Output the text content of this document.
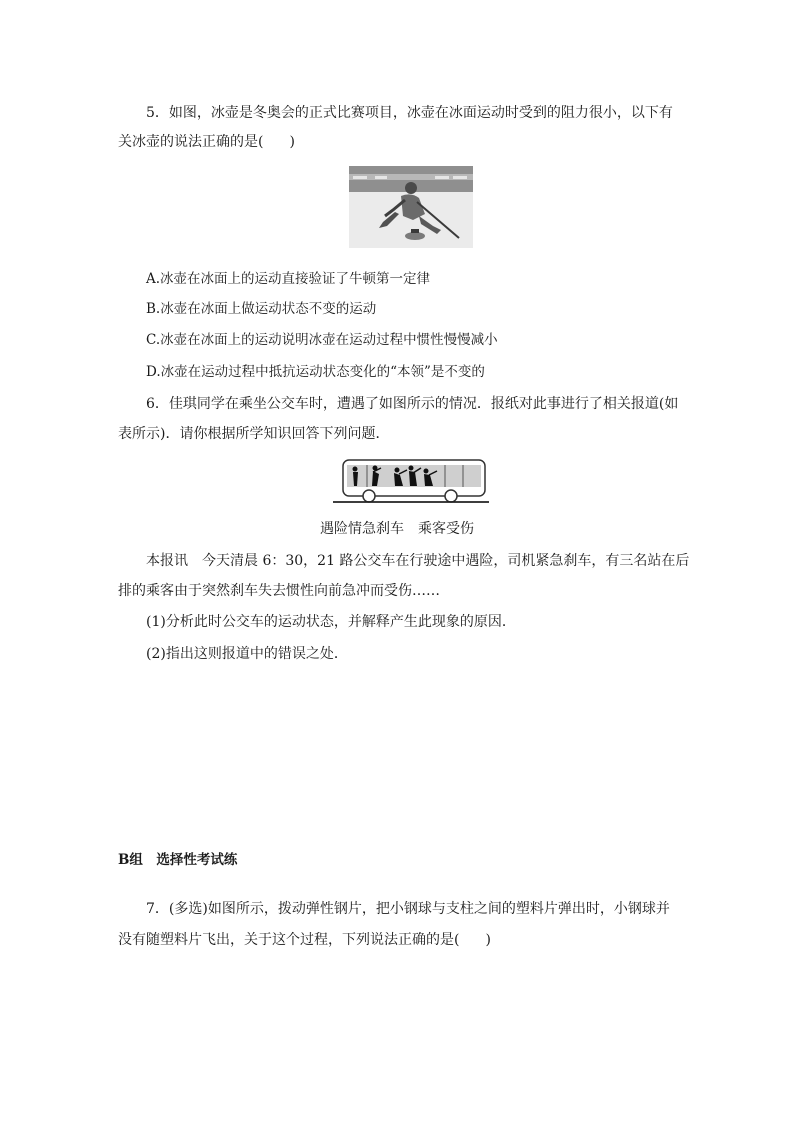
5．如图，冰壶是冬奥会的正式比赛项目，冰壶在冰面运动时受到的阻力很小，以下有
关冰壶的说法正确的是( )
A.冰壶在冰面上的运动直接验证了牛顿第一定律
B.冰壶在冰面上做运动状态不变的运动
C.冰壶在冰面上的运动说明冰壶在运动过程中惯性慢慢减小
D.冰壶在运动过程中抵抗运动状态变化的“本领”是不变的
6．佳琪同学在乘坐公交车时，遭遇了如图所示的情况．报纸对此事进行了相关报道(如
表所示)．请你根据所学知识回答下列问题．
遇险情急刹车　乘客受伤
本报讯　今天清晨 6：30，21 路公交车在行驶途中遇险，司机紧急刹车，有三名站在后
排的乘客由于突然刹车失去惯性向前急冲而受伤……
(1)分析此时公交车的运动状态，并解释产生此现象的原因．
(2)指出这则报道中的错误之处．
B组　选择性考试练
7．(多选)如图所示，拨动弹性钢片，把小钢球与支柱之间的塑料片弹出时，小钢球并
没有随塑料片飞出，关于这个过程，下列说法正确的是( )
